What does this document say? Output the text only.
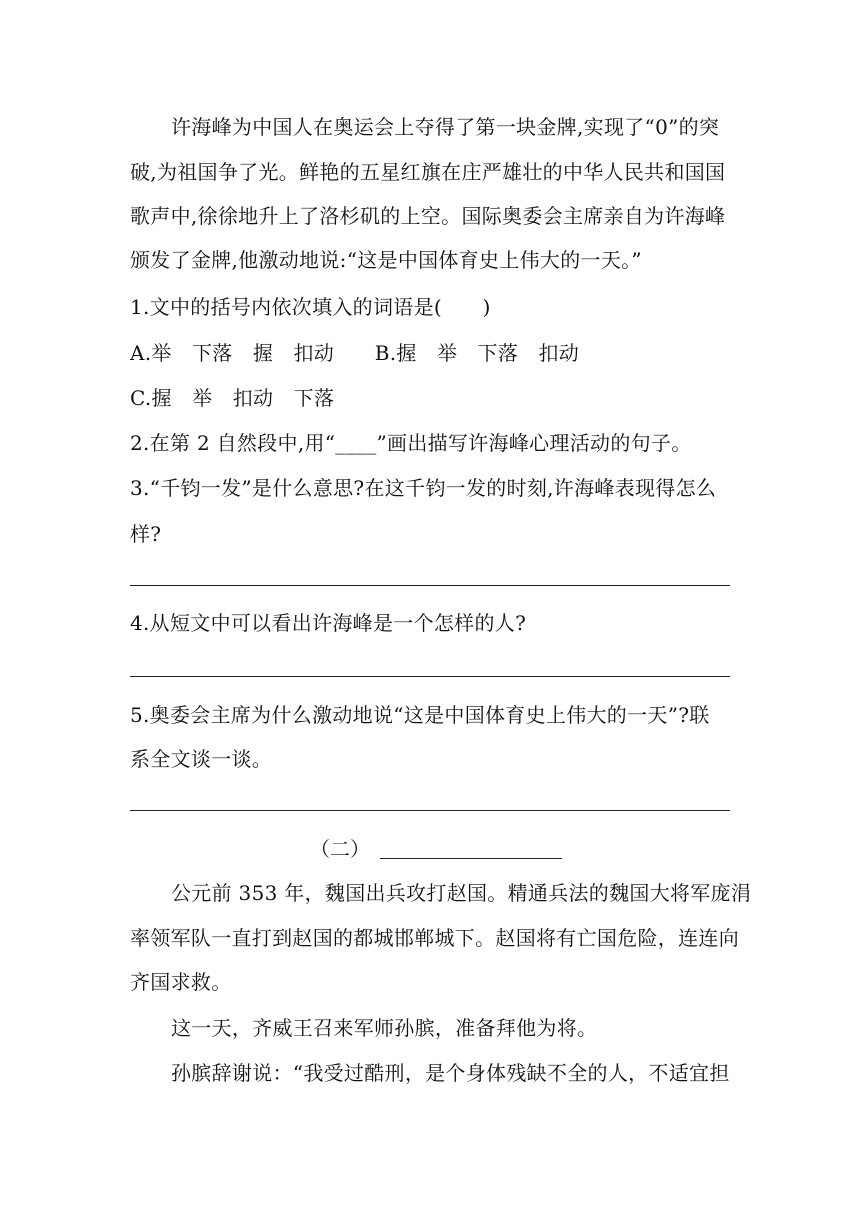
许海峰为中国人在奥运会上夺得了第一块金牌,实现了“0”的突
破,为祖国争了光。鲜艳的五星红旗在庄严雄壮的中华人民共和国国
歌声中,徐徐地升上了洛杉矶的上空。国际奥委会主席亲自为许海峰
颁发了金牌,他激动地说:“这是中国体育史上伟大的一天。”
1.文中的括号内依次填入的词语是(　　)
A.举　下落　握　扣动　　B.握　举　下落　扣动
C.握　举　扣动　下落
2.在第 2 自然段中,用“____”画出描写许海峰心理活动的句子。
3.“千钧一发”是什么意思?在这千钧一发的时刻,许海峰表现得怎么
样?
4.从短文中可以看出许海峰是一个怎样的人?
5.奥委会主席为什么激动地说“这是中国体育史上伟大的一天”?联
系全文谈一谈。
（二）
公元前 353 年，魏国出兵攻打赵国。精通兵法的魏国大将军庞涓
率领军队一直打到赵国的都城邯郸城下。赵国将有亡国危险，连连向
齐国求救。
这一天，齐威王召来军师孙膑，准备拜他为将。
孙膑辞谢说：“我受过酷刑，是个身体残缺不全的人，不适宜担
